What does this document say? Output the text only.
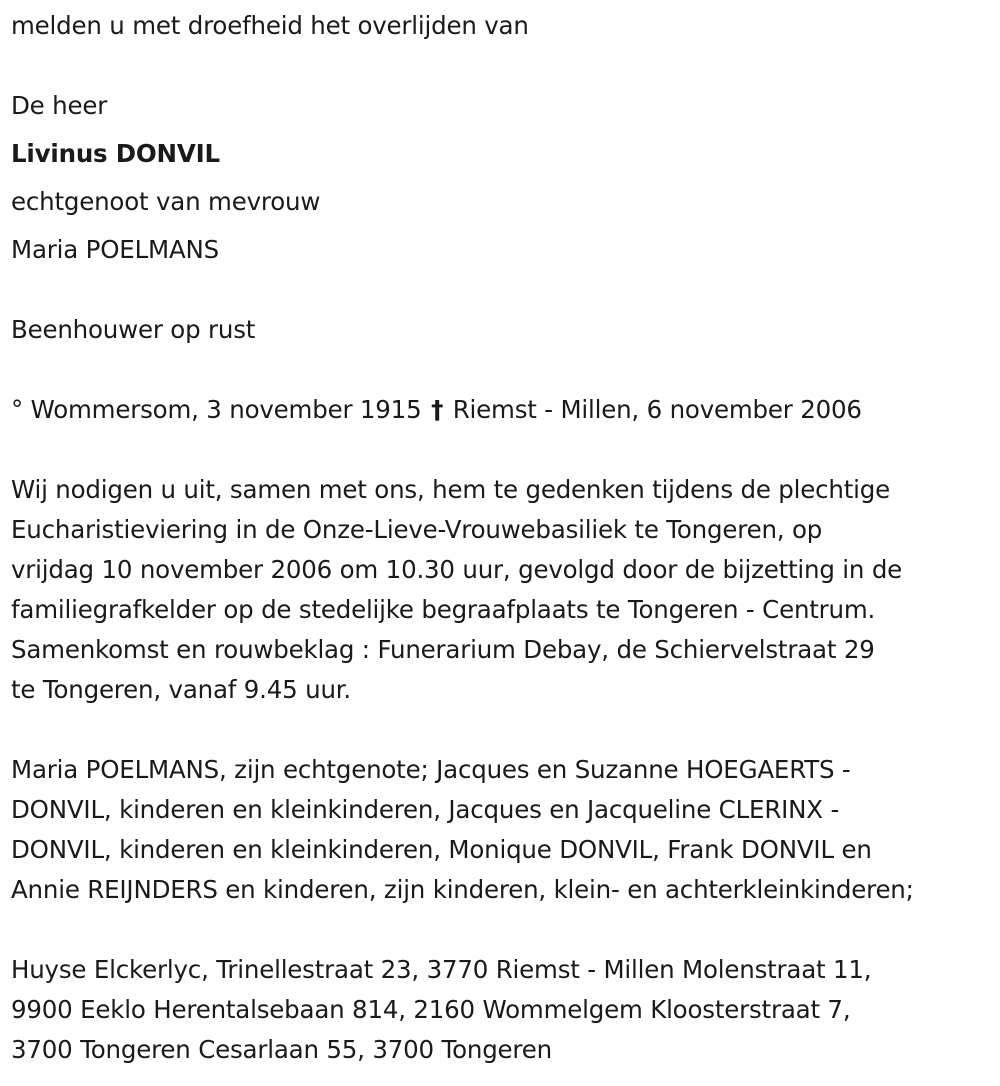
melden u met droefheid het overlijden van
De heer
Livinus DONVIL
echtgenoot van mevrouw
Maria POELMANS
Beenhouwer op rust
° Wommersom, 3 november 1915 † Riemst - Millen, 6 november 2006
Wij nodigen u uit, samen met ons, hem te gedenken tijdens de plechtige
Eucharistieviering in de Onze-Lieve-Vrouwebasiliek te Tongeren, op
vrijdag 10 november 2006 om 10.30 uur, gevolgd door de bijzetting in de
familiegrafkelder op de stedelijke begraafplaats te Tongeren - Centrum.
Samenkomst en rouwbeklag : Funerarium Debay, de Schiervelstraat 29
te Tongeren, vanaf 9.45 uur.
Maria POELMANS, zijn echtgenote; Jacques en Suzanne HOEGAERTS -
DONVIL, kinderen en kleinkinderen, Jacques en Jacqueline CLERINX -
DONVIL, kinderen en kleinkinderen, Monique DONVIL, Frank DONVIL en
Annie REIJNDERS en kinderen, zijn kinderen, klein- en achterkleinkinderen;
Huyse Elckerlyc, Trinellestraat 23, 3770 Riemst - Millen Molenstraat 11,
9900 Eeklo Herentalsebaan 814, 2160 Wommelgem Kloosterstraat 7,
3700 Tongeren Cesarlaan 55, 3700 Tongeren
